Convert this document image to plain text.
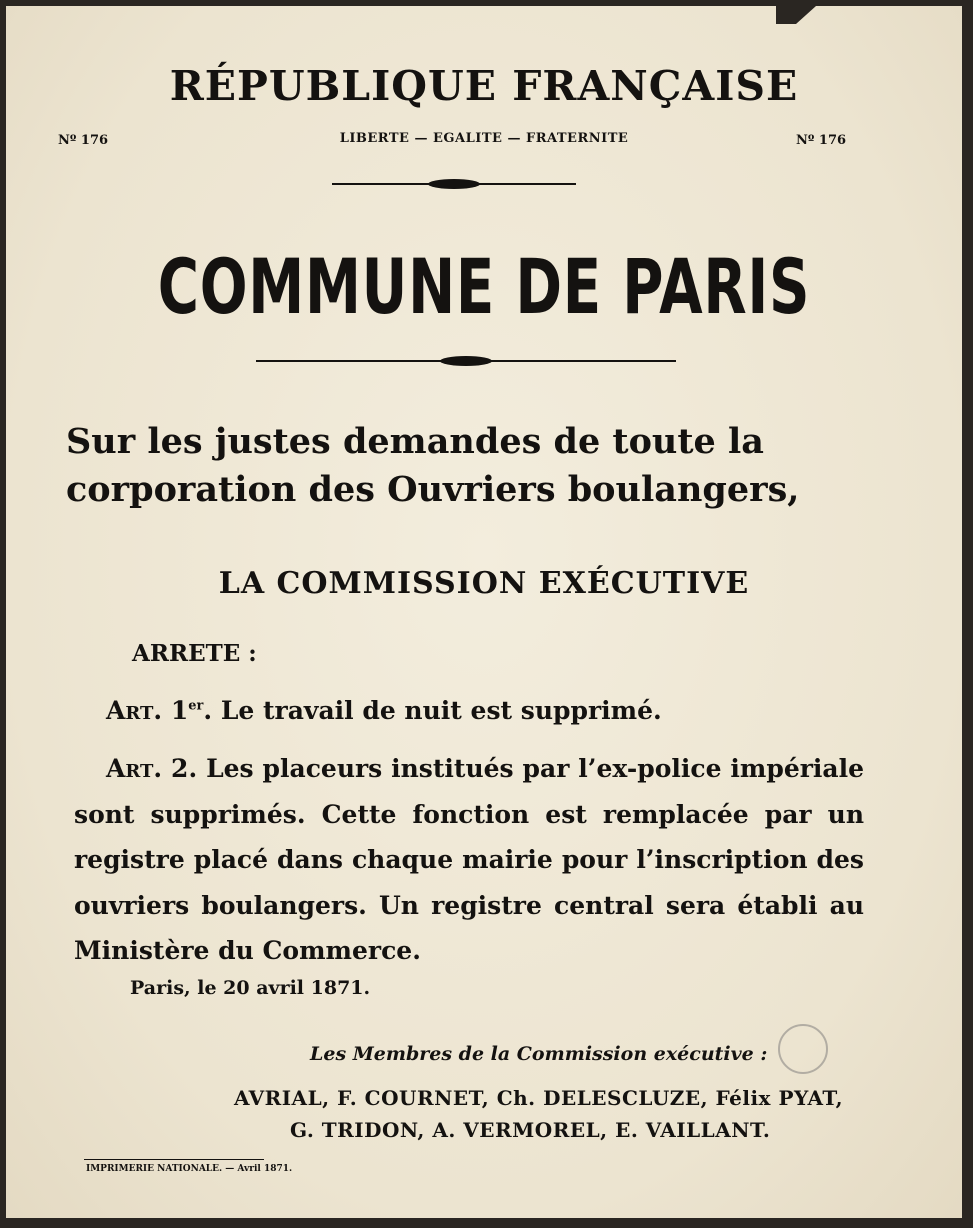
RÉPUBLIQUE FRANÇAISE
Nº 176	LIBERTE — EGALITE — FRATERNITE	Nº 176
COMMUNE DE PARIS
Sur les justes demandes de toute la corporation des Ouvriers boulangers,
LA COMMISSION EXÉCUTIVE
ARRETE :
Art. 1er. Le travail de nuit est supprimé.
Art. 2. Les placeurs institués par l’ex-police impériale sont supprimés. Cette fonction est remplacée par un registre placé dans chaque mairie pour l’inscription des ouvriers boulangers. Un registre central sera établi au Ministère du Commerce.
Paris, le 20 avril 1871.
Les Membres de la Commission exécutive :
AVRIAL, F. COURNET, Ch. DELESCLUZE, Félix PYAT,
G. TRIDON, A. VERMOREL, E. VAILLANT.
IMPRIMERIE NATIONALE. — Avril 1871.
